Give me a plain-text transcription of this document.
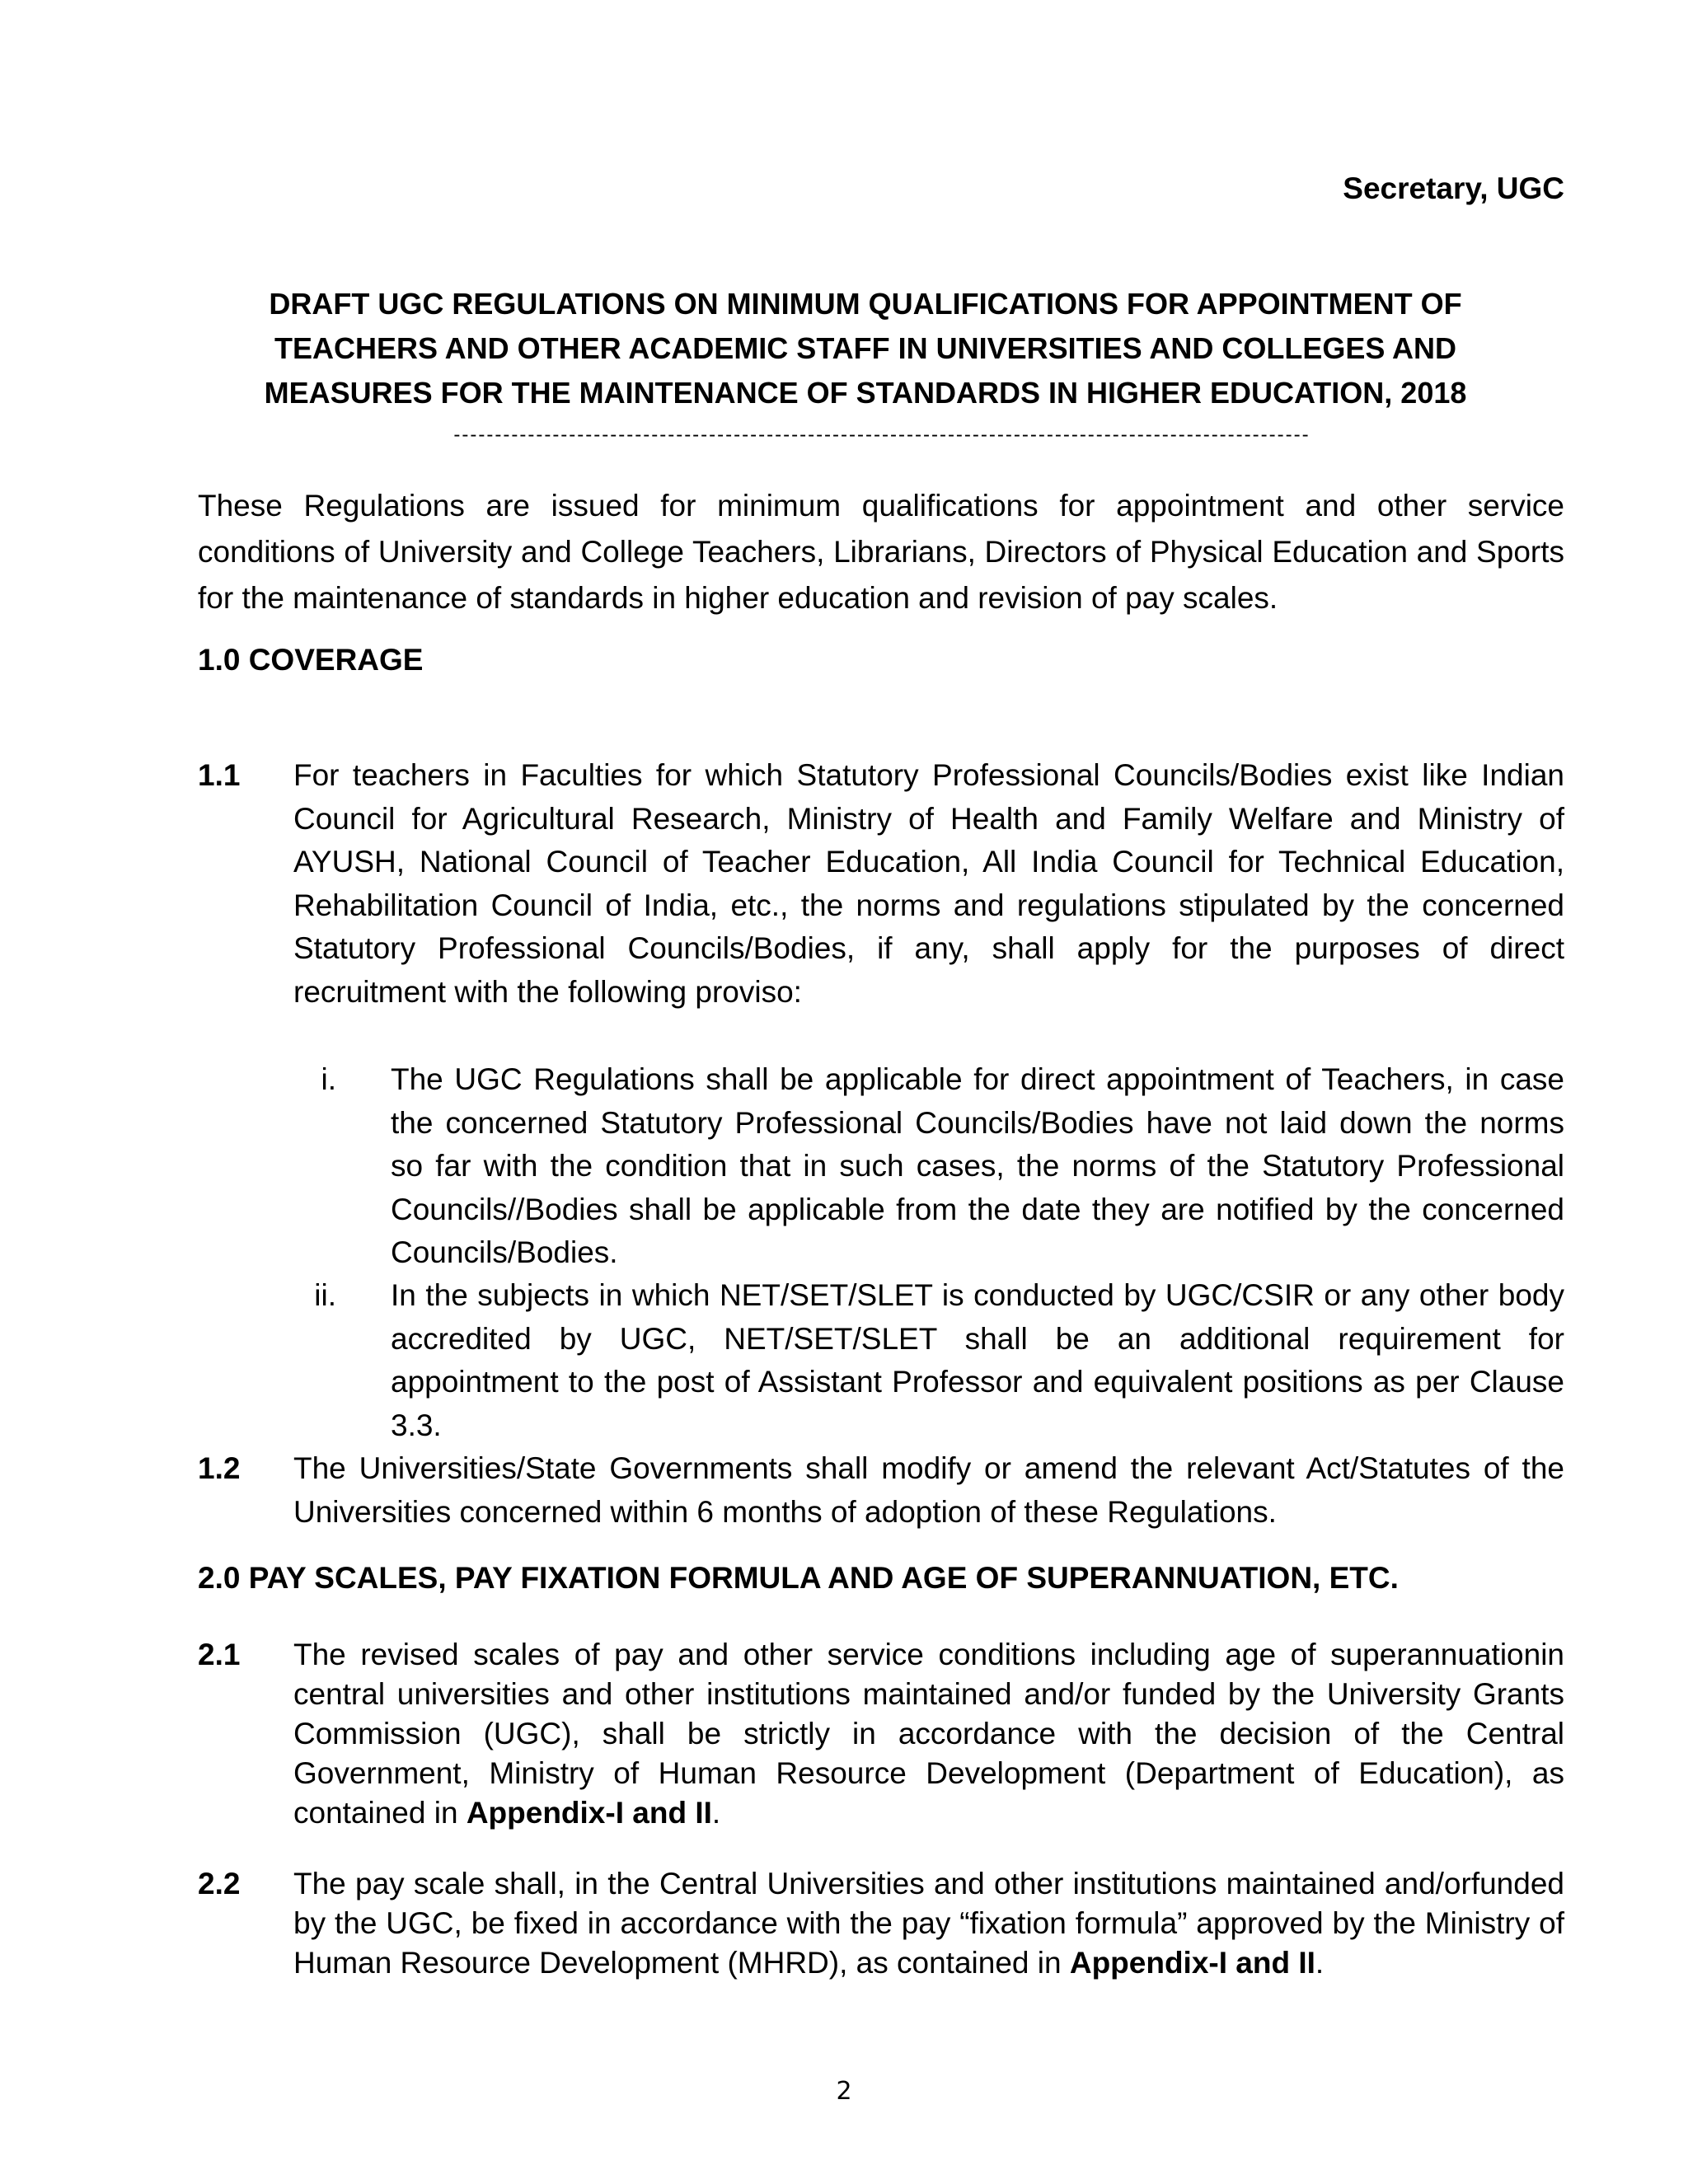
Secretary, UGC
DRAFT UGC REGULATIONS ON MINIMUM QUALIFICATIONS FOR APPOINTMENT OF
TEACHERS AND OTHER ACADEMIC STAFF IN UNIVERSITIES AND COLLEGES AND
MEASURES FOR THE MAINTENANCE OF STANDARDS IN HIGHER EDUCATION, 2018
--------------------------------------------------------------------------------------------------------
These Regulations are issued for minimum qualifications for appointment and other service conditions of University and College Teachers, Librarians, Directors of Physical Education and Sports for the maintenance of standards in higher education and revision of pay scales.
1.0 COVERAGE
1.1 For teachers in Faculties for which Statutory Professional Councils/Bodies exist like Indian Council for Agricultural Research, Ministry of Health and Family Welfare and Ministry of AYUSH, National Council of Teacher Education, All India Council for Technical Education, Rehabilitation Council of India, etc., the norms and regulations stipulated by the concerned Statutory Professional Councils/Bodies, if any, shall apply for the purposes of direct recruitment with the following proviso:
i. The UGC Regulations shall be applicable for direct appointment of Teachers, in case the concerned Statutory Professional Councils/Bodies have not laid down the norms so far with the condition that in such cases, the norms of the Statutory Professional Councils//Bodies shall be applicable from the date they are notified by the concerned Councils/Bodies.
ii. In the subjects in which NET/SET/SLET is conducted by UGC/CSIR or any other body accredited by UGC, NET/SET/SLET shall be an additional requirement for appointment to the post of Assistant Professor and equivalent positions as per Clause 3.3.
1.2 The Universities/State Governments shall modify or amend the relevant Act/Statutes of the Universities concerned within 6 months of adoption of these Regulations.
2.0 PAY SCALES, PAY FIXATION FORMULA AND AGE OF SUPERANNUATION, ETC.
2.1 The revised scales of pay and other service conditions including age of superannuationin central universities and other institutions maintained and/or funded by the University Grants Commission (UGC), shall be strictly in accordance with the decision of the Central Government, Ministry of Human Resource Development (Department of Education), as contained in Appendix-I and II.
2.2 The pay scale shall, in the Central Universities and other institutions maintained and/orfunded by the UGC, be fixed in accordance with the pay “fixation formula” approved by the Ministry of Human Resource Development (MHRD), as contained in Appendix-I and II.
2
